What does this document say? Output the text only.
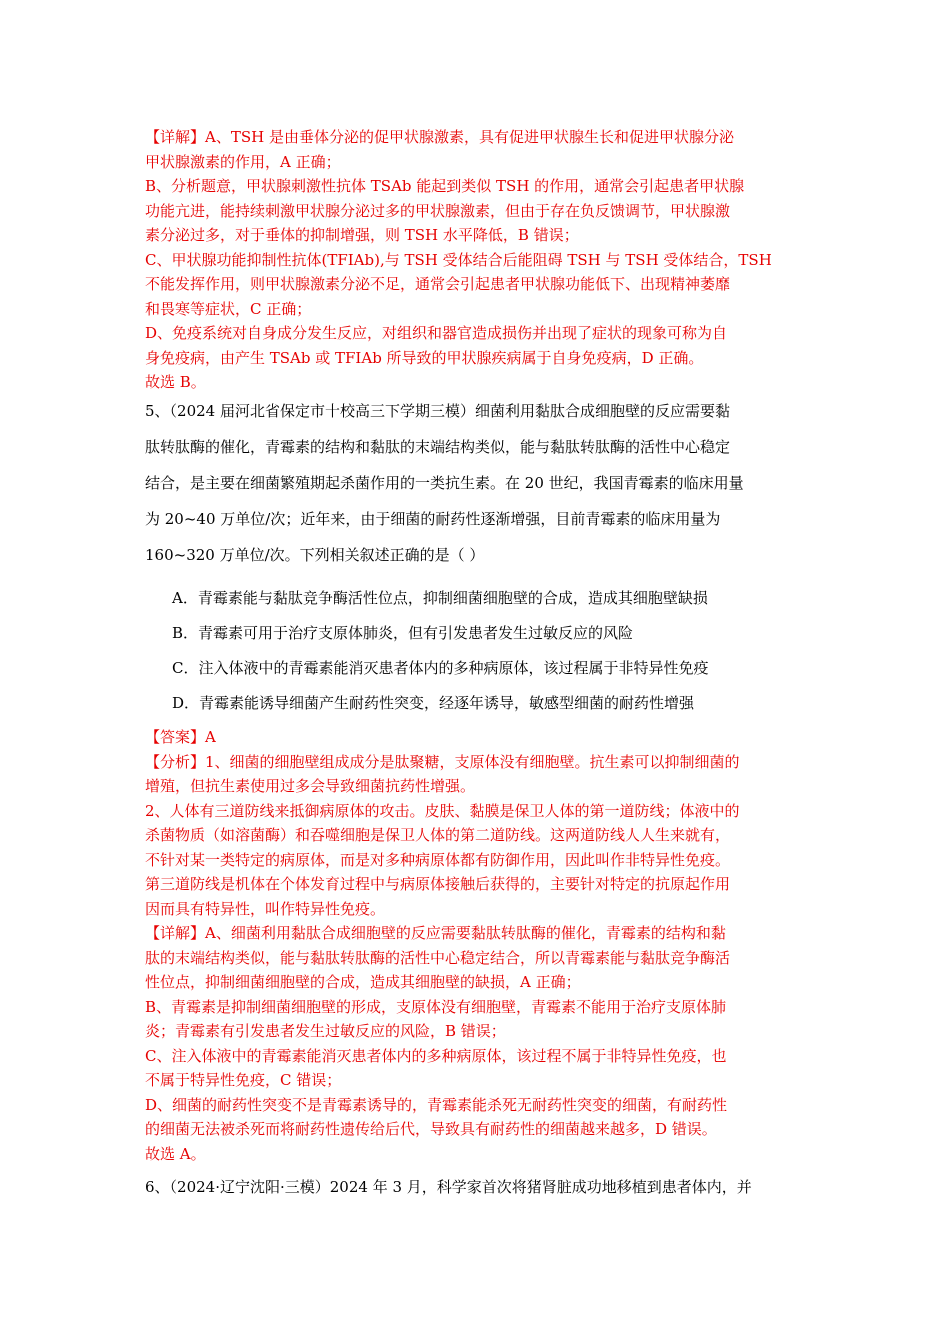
【详解】A、TSH 是由垂体分泌的促甲状腺激素，具有促进甲状腺生长和促进甲状腺分泌
甲状腺激素的作用，A 正确；
B、分析题意，甲状腺刺激性抗体 TSAb 能起到类似 TSH 的作用，通常会引起患者甲状腺
功能亢进，能持续刺激甲状腺分泌过多的甲状腺激素，但由于存在负反馈调节，甲状腺激
素分泌过多，对于垂体的抑制增强，则 TSH 水平降低，B 错误；
C、甲状腺功能抑制性抗体(TFIAb),与 TSH 受体结合后能阻碍 TSH 与 TSH 受体结合，TSH
不能发挥作用，则甲状腺激素分泌不足，通常会引起患者甲状腺功能低下、出现精神萎靡
和畏寒等症状，C 正确；
D、免疫系统对自身成分发生反应，对组织和器官造成损伤并出现了症状的现象可称为自
身免疫病，由产生 TSAb 或 TFIAb 所导致的甲状腺疾病属于自身免疫病，D 正确。
故选 B。
5、（2024 届河北省保定市十校高三下学期三模）细菌利用黏肽合成细胞壁的反应需要黏
肽转肽酶的催化，青霉素的结构和黏肽的末端结构类似，能与黏肽转肽酶的活性中心稳定
结合，是主要在细菌繁殖期起杀菌作用的一类抗生素。在 20 世纪，我国青霉素的临床用量
为 20~40 万单位/次；近年来，由于细菌的耐药性逐渐增强，目前青霉素的临床用量为
160~320 万单位/次。下列相关叙述正确的是（ ）
A．青霉素能与黏肽竞争酶活性位点，抑制细菌细胞壁的合成，造成其细胞壁缺损
B．青霉素可用于治疗支原体肺炎，但有引发患者发生过敏反应的风险
C．注入体液中的青霉素能消灭患者体内的多种病原体，该过程属于非特异性免疫
D．青霉素能诱导细菌产生耐药性突变，经逐年诱导，敏感型细菌的耐药性增强
【答案】A
【分析】1、细菌的细胞壁组成成分是肽聚糖，支原体没有细胞壁。抗生素可以抑制细菌的
增殖，但抗生素使用过多会导致细菌抗药性增强。
2、人体有三道防线来抵御病原体的攻击。皮肤、黏膜是保卫人体的第一道防线；体液中的
杀菌物质（如溶菌酶）和吞噬细胞是保卫人体的第二道防线。这两道防线人人生来就有，
不针对某一类特定的病原体，而是对多种病原体都有防御作用，因此叫作非特异性免疫。
第三道防线是机体在个体发育过程中与病原体接触后获得的，主要针对特定的抗原起作用
因而具有特异性，叫作特异性免疫。
【详解】A、细菌利用黏肽合成细胞壁的反应需要黏肽转肽酶的催化，青霉素的结构和黏
肽的末端结构类似，能与黏肽转肽酶的活性中心稳定结合，所以青霉素能与黏肽竞争酶活
性位点，抑制细菌细胞壁的合成，造成其细胞壁的缺损，A 正确；
B、青霉素是抑制细菌细胞壁的形成，支原体没有细胞壁，青霉素不能用于治疗支原体肺
炎；青霉素有引发患者发生过敏反应的风险，B 错误；
C、注入体液中的青霉素能消灭患者体内的多种病原体，该过程不属于非特异性免疫，也
不属于特异性免疫，C 错误；
D、细菌的耐药性突变不是青霉素诱导的，青霉素能杀死无耐药性突变的细菌，有耐药性
的细菌无法被杀死而将耐药性遗传给后代，导致具有耐药性的细菌越来越多，D 错误。
故选 A。
6、（2024·辽宁沈阳·三模）2024 年 3 月，科学家首次将猪肾脏成功地移植到患者体内，并
